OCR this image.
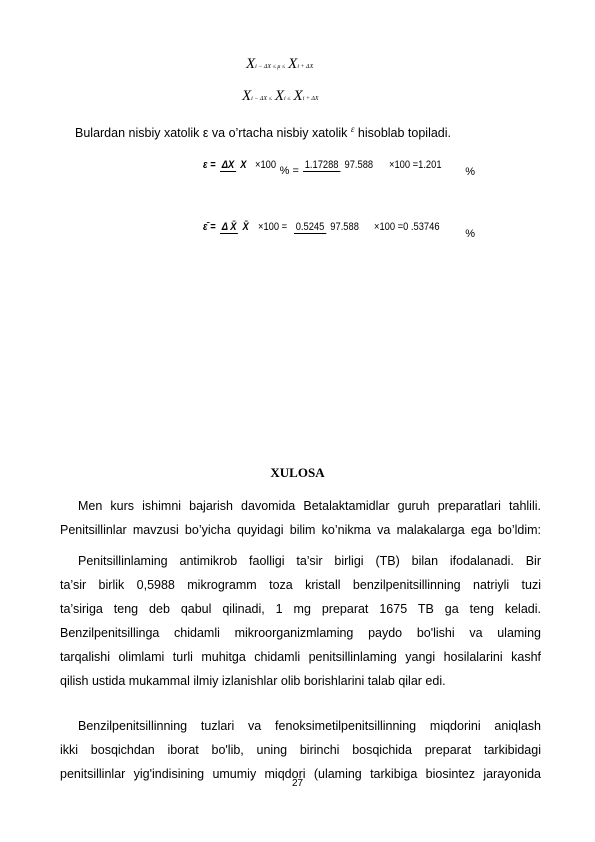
X i − ΔX ≤ μ ≤ X i + ΔX
X i − ΔX ≤ X i ≤ X i + ΔX
Bulardan nisbiy xatolik ε va o’rtacha nisbiy xatolik $^\varepsilon$ hisoblab topiladi.
ε = ΔX X ×100 % =
1.17288 97.588 ×100 =1.201
%
ε̄ = Δ X̄ X̄ ×100 = 0.5245 97.588 ×100 =0 .53746
%
XULOSA
Men kurs ishimni bajarish davomida Betalaktamidlar guruh preparatlari tahlili.
Penitsillinlar mavzusi bo’yicha quyidagi bilim ko’nikma va malakalarga ega bo’ldim:
Penitsillinlaming antimikrob faolligi ta’sir birligi (TB) bilan ifodalanadi. Bir
ta’sir birlik 0,5988 mikrogramm toza kristall benzilpenitsillinning natriyli tuzi
ta’siriga teng deb qabul qilinadi, 1 mg preparat 1675 TB ga teng keladi.
Benzilpenitsillinga chidamli mikroorganizmlaming paydo bo'lishi va ulaming
tarqalishi olimlami turli muhitga chidamli penitsillinlaming yangi hosilalarini kashf
qilish ustida mukammal ilmiy izlanishlar olib borishlarini talab qilar edi.
Benzilpenitsillinning tuzlari va fenoksimetilpenitsillinning miqdorini aniqlash
ikki bosqichdan iborat bo'lib, uning birinchi bosqichida preparat tarkibidagi
penitsillinlar yig'indisining umumiy miqdori (ulaming tarkibiga biosintez jarayonida
27
